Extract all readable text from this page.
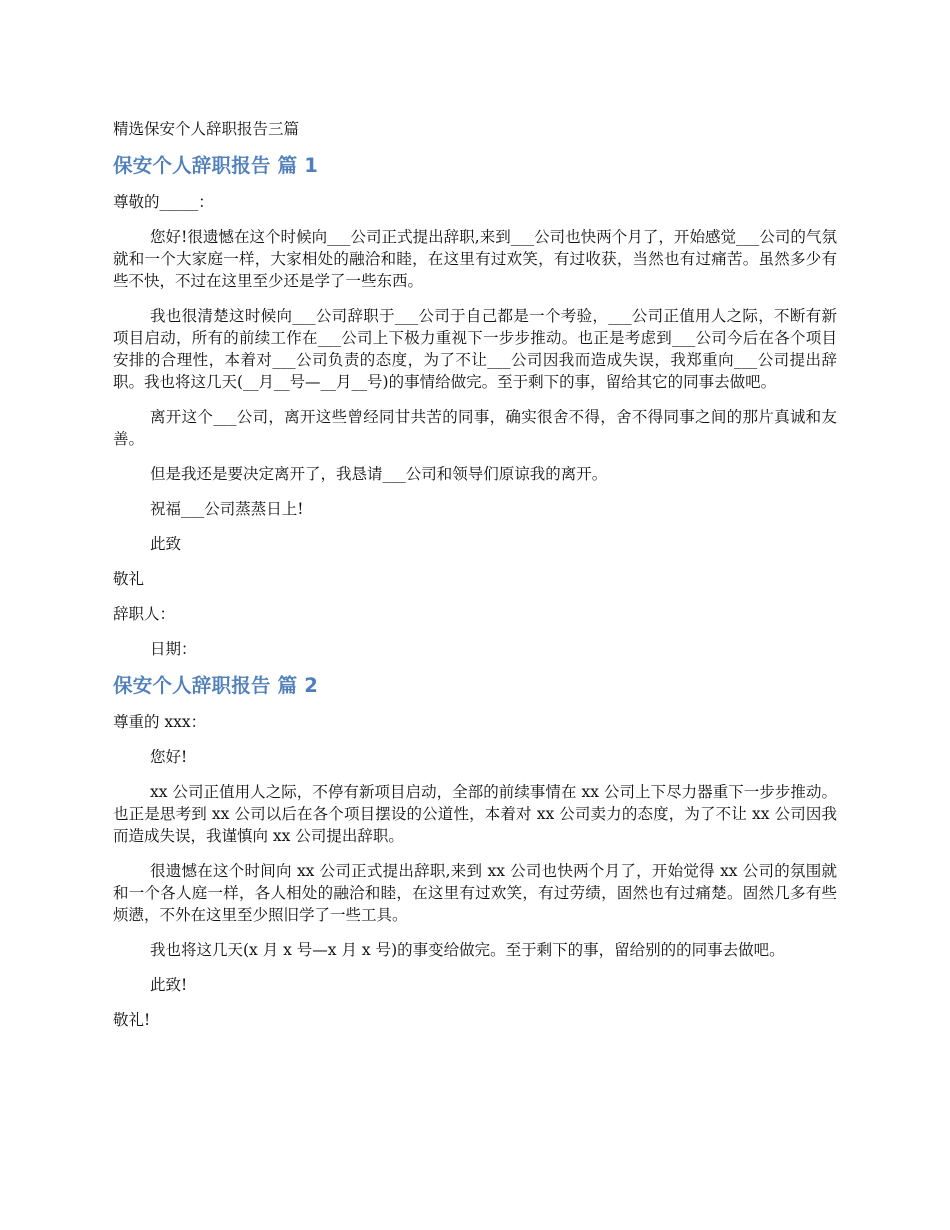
精选保安个人辞职报告三篇

保安个人辞职报告 篇 1

尊敬的_____：

您好!很遗憾在这个时候向___公司正式提出辞职,来到___公司也快两个月了，开始感觉___公司的气氛就和一个大家庭一样，大家相处的融洽和睦，在这里有过欢笑，有过收获，当然也有过痛苦。虽然多少有些不快，不过在这里至少还是学了一些东西。

我也很清楚这时候向___公司辞职于___公司于自己都是一个考验，___公司正值用人之际，不断有新项目启动，所有的前续工作在___公司上下极力重视下一步步推动。也正是考虑到___公司今后在各个项目安排的合理性，本着对___公司负责的态度，为了不让___公司因我而造成失误，我郑重向___公司提出辞职。我也将这几天(__月__号—__月__号)的事情给做完。至于剩下的事，留给其它的同事去做吧。

离开这个___公司，离开这些曾经同甘共苦的同事，确实很舍不得，舍不得同事之间的那片真诚和友善。

但是我还是要决定离开了，我恳请___公司和领导们原谅我的离开。

祝福___公司蒸蒸日上!

此致

敬礼

辞职人：

日期：

保安个人辞职报告 篇 2

尊重的 xxx：

您好!

xx 公司正值用人之际，不停有新项目启动，全部的前续事情在 xx 公司上下尽力器重下一步步推动。也正是思考到 xx 公司以后在各个项目摆设的公道性，本着对 xx 公司卖力的态度，为了不让 xx 公司因我而造成失误，我谨慎向 xx 公司提出辞职。

很遗憾在这个时间向 xx 公司正式提出辞职,来到 xx 公司也快两个月了，开始觉得 xx 公司的氛围就和一个各人庭一样，各人相处的融洽和睦，在这里有过欢笑，有过劳绩，固然也有过痛楚。固然几多有些烦懑，不外在这里至少照旧学了一些工具。

我也将这几天(x 月 x 号—x 月 x 号)的事变给做完。至于剩下的事，留给别的的同事去做吧。

此致!

敬礼!
